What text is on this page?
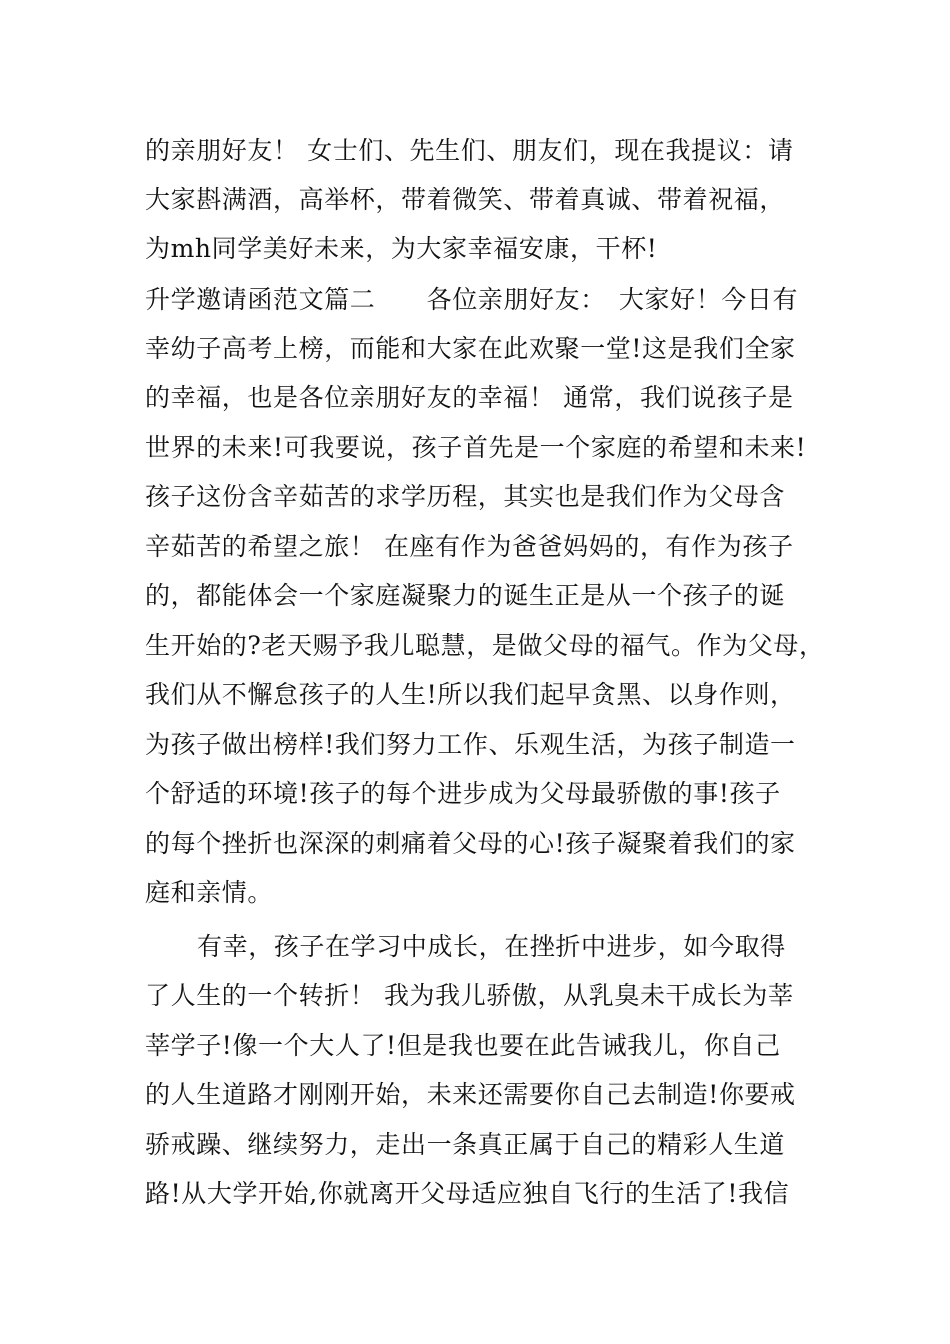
的亲朋好友！ 女士们、先生们、朋友们，现在我提议：请
大家斟满酒，高举杯，带着微笑、带着真诚、带着祝福，
为mh同学美好未来，为大家幸福安康，干杯!
升学邀请函范文篇二　　各位亲朋好友：　大家好！今日有
幸幼子高考上榜，而能和大家在此欢聚一堂!这是我们全家
的幸福，也是各位亲朋好友的幸福！ 通常，我们说孩子是
世界的未来!可我要说，孩子首先是一个家庭的希望和未来!
孩子这份含辛茹苦的求学历程，其实也是我们作为父母含
辛茹苦的希望之旅！ 在座有作为爸爸妈妈的，有作为孩子
的，都能体会一个家庭凝聚力的诞生正是从一个孩子的诞
生开始的?老天赐予我儿聪慧，是做父母的福气。作为父母，
我们从不懈怠孩子的人生!所以我们起早贪黑、以身作则，
为孩子做出榜样!我们努力工作、乐观生活，为孩子制造一
个舒适的环境!孩子的每个进步成为父母最骄傲的事!孩子
的每个挫折也深深的刺痛着父母的心!孩子凝聚着我们的家
庭和亲情。
有幸，孩子在学习中成长，在挫折中进步，如今取得
了人生的一个转折！ 我为我儿骄傲，从乳臭未干成长为莘
莘学子!像一个大人了!但是我也要在此告诫我儿，你自己
的人生道路才刚刚开始，未来还需要你自己去制造!你要戒
骄戒躁、继续努力，走出一条真正属于自己的精彩人生道
路!从大学开始,你就离开父母适应独自飞行的生活了!我信
